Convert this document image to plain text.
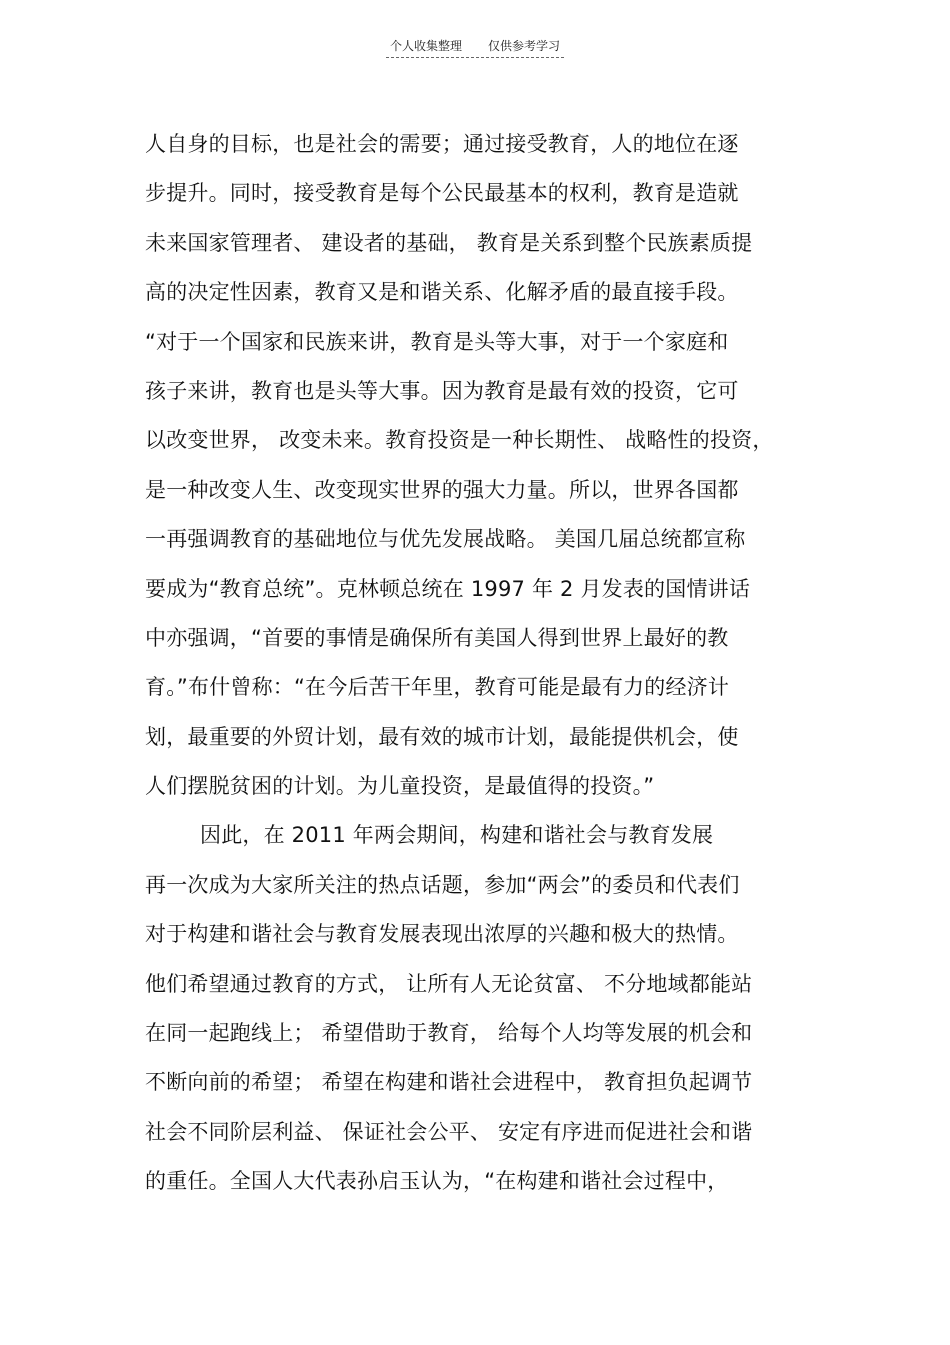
个人收集整理 仅供参考学习
人自身的目标，也是社会的需要；通过接受教育，人的地位在逐
步提升。同时，接受教育是每个公民最基本的权利，教育是造就
未来国家管理者、 建设者的基础， 教育是关系到整个民族素质提
高的决定性因素，教育又是和谐关系、化解矛盾的最直接手段。
“对于一个国家和民族来讲，教育是头等大事，对于一个家庭和
孩子来讲，教育也是头等大事。因为教育是最有效的投资，它可
以改变世界， 改变未来。教育投资是一种长期性、 战略性的投资，
是一种改变人生、改变现实世界的强大力量。所以，世界各国都
一再强调教育的基础地位与优先发展战略。 美国几届总统都宣称
要成为“教育总统”。克林顿总统在 1997 年 2 月发表的国情讲话
中亦强调，“首要的事情是确保所有美国人得到世界上最好的教
育。”布什曾称：“在今后苦干年里，教育可能是最有力的经济计
划，最重要的外贸计划，最有效的城市计划，最能提供机会，使
人们摆脱贫困的计划。为儿童投资，是最值得的投资。”
因此，在 2011 年两会期间，构建和谐社会与教育发展
再一次成为大家所关注的热点话题，参加“两会”的委员和代表们
对于构建和谐社会与教育发展表现出浓厚的兴趣和极大的热情。
他们希望通过教育的方式， 让所有人无论贫富、 不分地域都能站
在同一起跑线上； 希望借助于教育， 给每个人均等发展的机会和
不断向前的希望； 希望在构建和谐社会进程中， 教育担负起调节
社会不同阶层利益、 保证社会公平、 安定有序进而促进社会和谐
的重任。全国人大代表孙启玉认为，“在构建和谐社会过程中，
